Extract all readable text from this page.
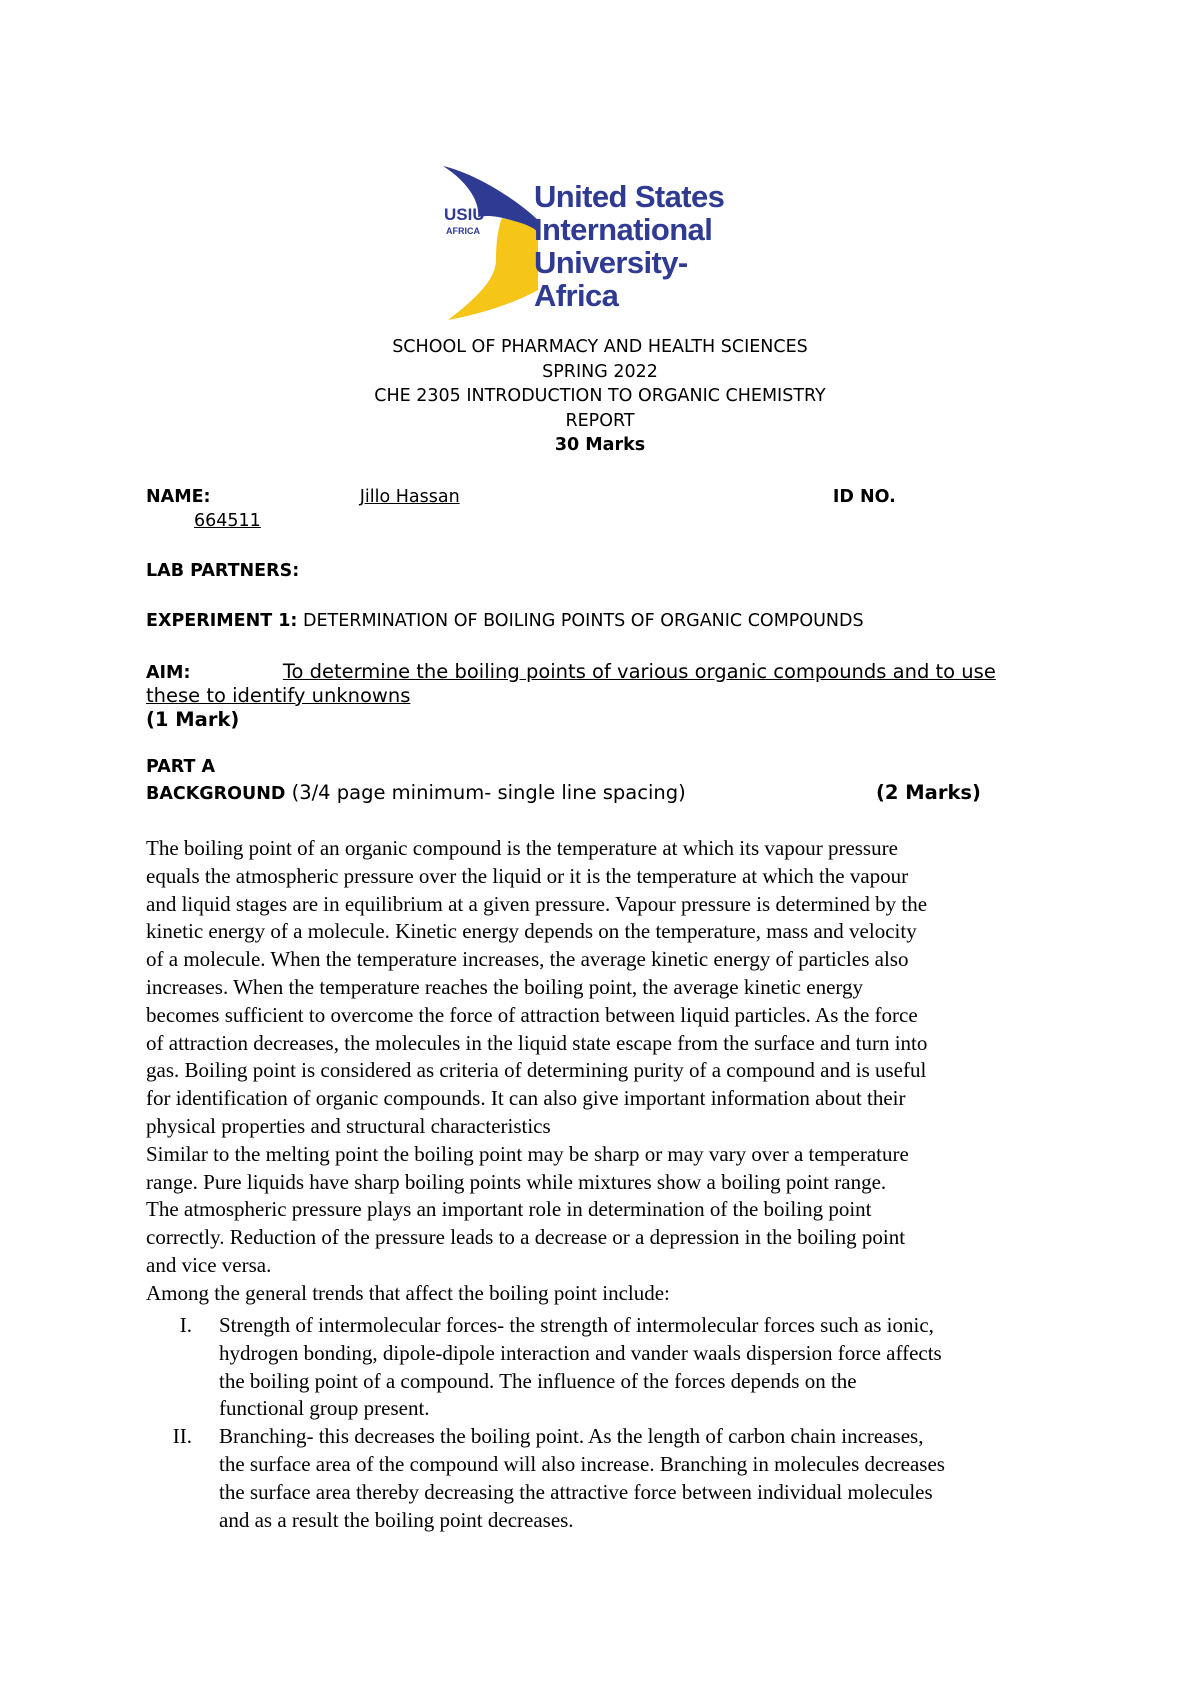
USIU
AFRICA
United States
International
University-Africa
SCHOOL OF PHARMACY AND HEALTH SCIENCES
SPRING 2022
CHE 2305 INTRODUCTION TO ORGANIC CHEMISTRY
REPORT
30 Marks
NAME:	Jillo Hassan	ID NO.
664511
LAB PARTNERS:
EXPERIMENT 1: DETERMINATION OF BOILING POINTS OF ORGANIC COMPOUNDS
AIM:	To determine the boiling points of various organic compounds and to use
these to identify unknowns
(1 Mark)
PART A
BACKGROUND (3/4 page minimum- single line spacing)	(2 Marks)

The boiling point of an organic compound is the temperature at which its vapour pressure

equals the atmospheric pressure over the liquid or it is the temperature at which the vapour

and liquid stages are in equilibrium at a given pressure. Vapour pressure is determined by the

kinetic energy of a molecule. Kinetic energy depends on the temperature, mass and velocity

of a molecule. When the temperature increases, the average kinetic energy of particles also

increases. When the temperature reaches the boiling point, the average kinetic energy

becomes sufficient to overcome the force of attraction between liquid particles. As the force

of attraction decreases, the molecules in the liquid state escape from the surface and turn into

gas. Boiling point is considered as criteria of determining purity of a compound and is useful

for identification of organic compounds. It can also give important information about their

physical properties and structural characteristics

Similar to the melting point the boiling point may be sharp or may vary over a temperature

range. Pure liquids have sharp boiling points while mixtures show a boiling point range.

The atmospheric pressure plays an important role in determination of the boiling point

correctly. Reduction of the pressure leads to a decrease or a depression in the boiling point

and vice versa.

Among the general trends that affect the boiling point include:

I. Strength of intermolecular forces- the strength of intermolecular forces such as ionic,
hydrogen bonding, dipole-dipole interaction and vander waals dispersion force affects
the boiling point of a compound. The influence of the forces depends on the
functional group present.
II. Branching- this decreases the boiling point. As the length of carbon chain increases,
the surface area of the compound will also increase. Branching in molecules decreases
the surface area thereby decreasing the attractive force between individual molecules
and as a result the boiling point decreases.
